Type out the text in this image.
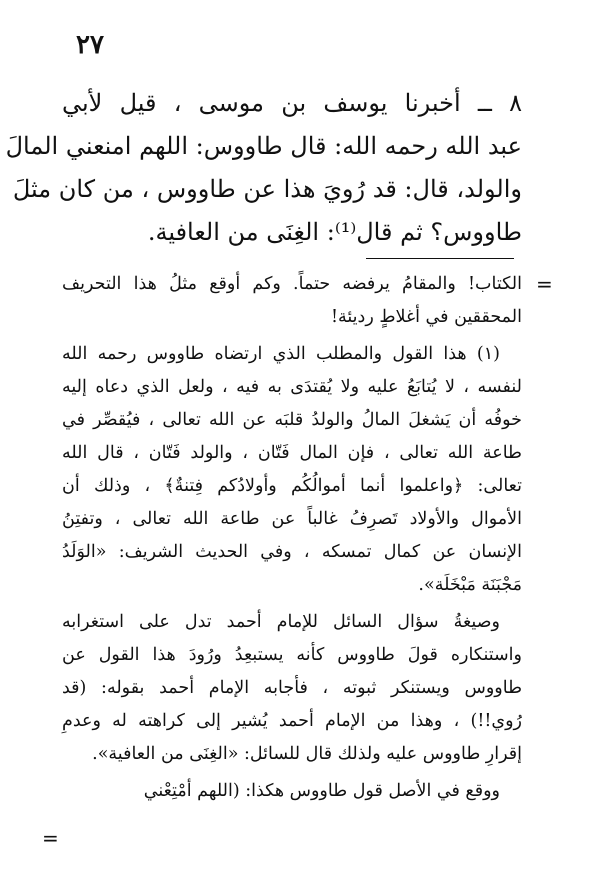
٢٧
٨ ــ أخبرنا يوسف بن موسى ، قيل لأبي
عبد الله رحمه الله: قال طاووس: اللهم امنعني المالَ
والولد، قال: قد رُويَ هذا عن طاووس ، من كان مثلَ
طاووس؟ ثم قال⁽¹⁾: الغِنَى من العافية.
=
الكتاب! والمقامُ يرفضه حتماً. وكم أوقع مثلُ هذا التحريف
المحققين في أغلاطٍ رديئة!
(١) هذا القول والمطلب الذي ارتضاه طاووس رحمه الله
لنفسه ، لا يُتابَعُ عليه ولا يُقتدَى به فيه ، ولعل الذي دعاه إليه
خوفُه أن يَشغلَ المالُ والولدُ قلبَه عن الله تعالى ، فيُقصِّر في
طاعة الله تعالى ، فإن المال فَتّان ، والولد فَتّان ، قال الله
تعالى: ﴿واعلموا أنما أموالُكُم وأولادُكم فِتنةٌ﴾ ، وذلك أن
الأموال والأولاد تَصرِفُ غالباً عن طاعة الله تعالى ، وتفتِنُ
الإنسان عن كمال تمسكه ، وفي الحديث الشريف: «الوَلَدُ
مَجْبَنَة مَبْخَلَة».
وصيغةُ سؤال السائل للإمام أحمد تدل على استغرابه
واستنكاره قولَ طاووس كأنه يستبعِدُ ورُودَ هذا القول عن
طاووس ويستنكر ثبوته ، فأجابه الإمام أحمد بقوله: (قد
رُوي!!) ، وهذا من الإمام أحمد يُشير إلى كراهته له وعدمِ
إقرارِ طاووس عليه ولذلك قال للسائل: «الغِنَى من العافية».
ووقع في الأصل قول طاووس هكذا: (اللهم أمْتِعْني
=
